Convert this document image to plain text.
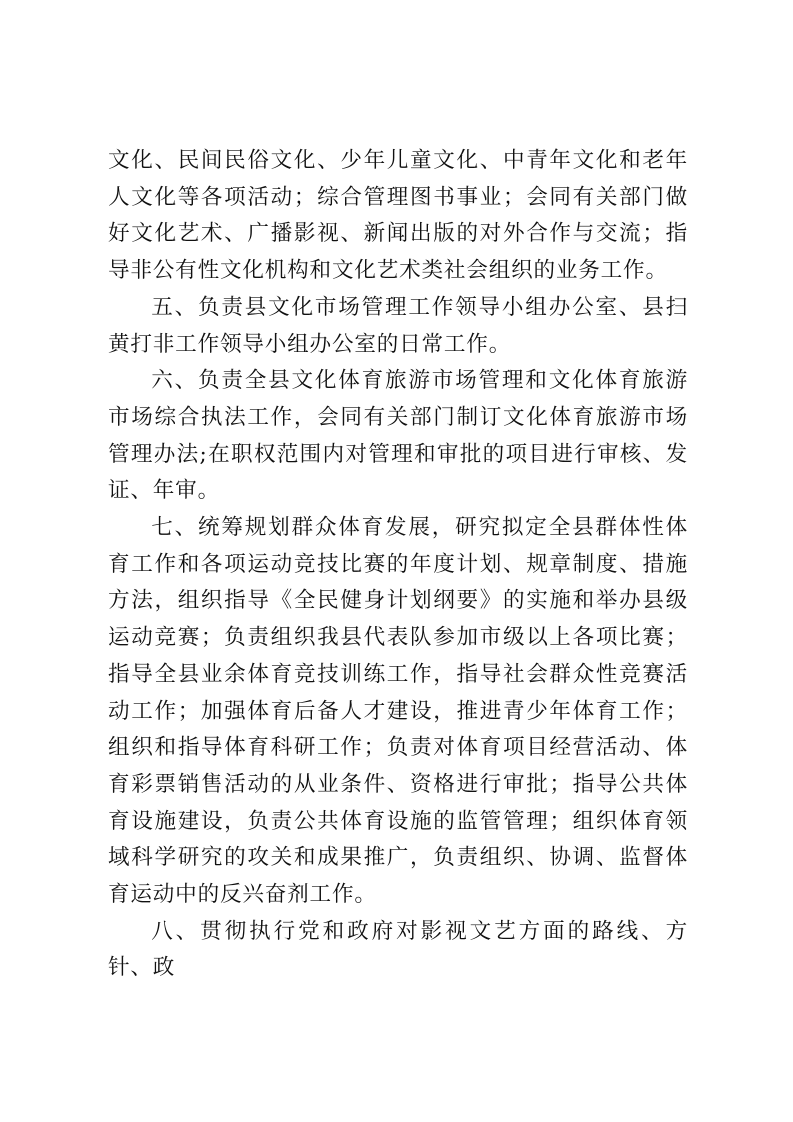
文化、民间民俗文化、少年儿童文化、中青年文化和老年人文化等各项活动；综合管理图书事业；会同有关部门做好文化艺术、广播影视、新闻出版的对外合作与交流；指导非公有性文化机构和文化艺术类社会组织的业务工作。

五、负责县文化市场管理工作领导小组办公室、县扫黄打非工作领导小组办公室的日常工作。

六、负责全县文化体育旅游市场管理和文化体育旅游市场综合执法工作，会同有关部门制订文化体育旅游市场管理办法;在职权范围内对管理和审批的项目进行审核、发证、年审。

七、统筹规划群众体育发展，研究拟定全县群体性体育工作和各项运动竞技比赛的年度计划、规章制度、措施方法，组织指导《全民健身计划纲要》的实施和举办县级运动竞赛；负责组织我县代表队参加市级以上各项比赛；指导全县业余体育竞技训练工作，指导社会群众性竞赛活动工作；加强体育后备人才建设，推进青少年体育工作；组织和指导体育科研工作；负责对体育项目经营活动、体育彩票销售活动的从业条件、资格进行审批；指导公共体育设施建设，负责公共体育设施的监管管理；组织体育领域科学研究的攻关和成果推广，负责组织、协调、监督体育运动中的反兴奋剂工作。

八、贯彻执行党和政府对影视文艺方面的路线、方针、政
